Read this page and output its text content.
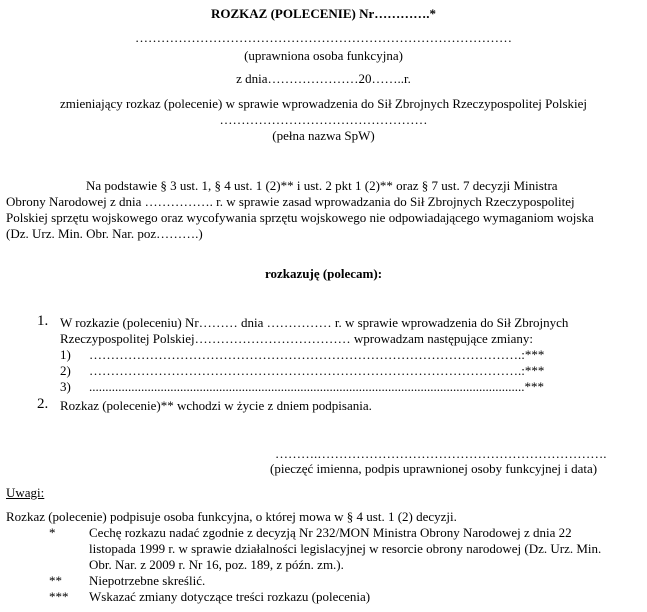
ROZKAZ (POLECENIE) Nr………….*
……………………………………………………………………………
(uprawniona osoba funkcyjna)
z dnia…………………20……..r.
zmieniający rozkaz (polecenie) w sprawie wprowadzenia do Sił Zbrojnych Rzeczypospolitej Polskiej
…………………………………………
(pełna nazwa SpW)
Na podstawie § 3 ust. 1, § 4 ust. 1 (2)** i ust. 2 pkt 1 (2)** oraz § 7 ust. 7 decyzji Ministra
Obrony Narodowej z dnia ……………. r. w sprawie zasad wprowadzania do Sił Zbrojnych Rzeczypospolitej
Polskiej sprzętu wojskowego oraz wycofywania sprzętu wojskowego nie odpowiadającego wymaganiom wojska
(Dz. Urz. Min. Obr. Nar. poz……….)
rozkazuję (polecam):
1. W rozkazie (poleceniu) Nr……… dnia …………… r. w sprawie wprowadzenia do Sił Zbrojnych
Rzeczypospolitej Polskiej……………………………… wprowadzam następujące zmiany:
1) ……………………………………………………………………………………….:***
2) ……………………………………………………………………………………….:***
3) ......................................................................................................................................***
2. Rozkaz (polecenie)** wchodzi w życie z dniem podpisania.
……….………………………………………………………….
(pieczęć imienna, podpis uprawnionej osoby funkcyjnej i data)
Uwagi:
Rozkaz (polecenie) podpisuje osoba funkcyjna, o której mowa w § 4 ust. 1 (2) decyzji.
*	Cechę rozkazu nadać zgodnie z decyzją Nr 232/MON Ministra Obrony Narodowej z dnia 22
listopada 1999 r. w sprawie działalności legislacyjnej w resorcie obrony narodowej (Dz. Urz. Min.
Obr. Nar. z 2009 r. Nr 16, poz. 189, z późn. zm.).
** Niepotrzebne skreślić.
*** Wskazać zmiany dotyczące treści rozkazu (polecenia)
